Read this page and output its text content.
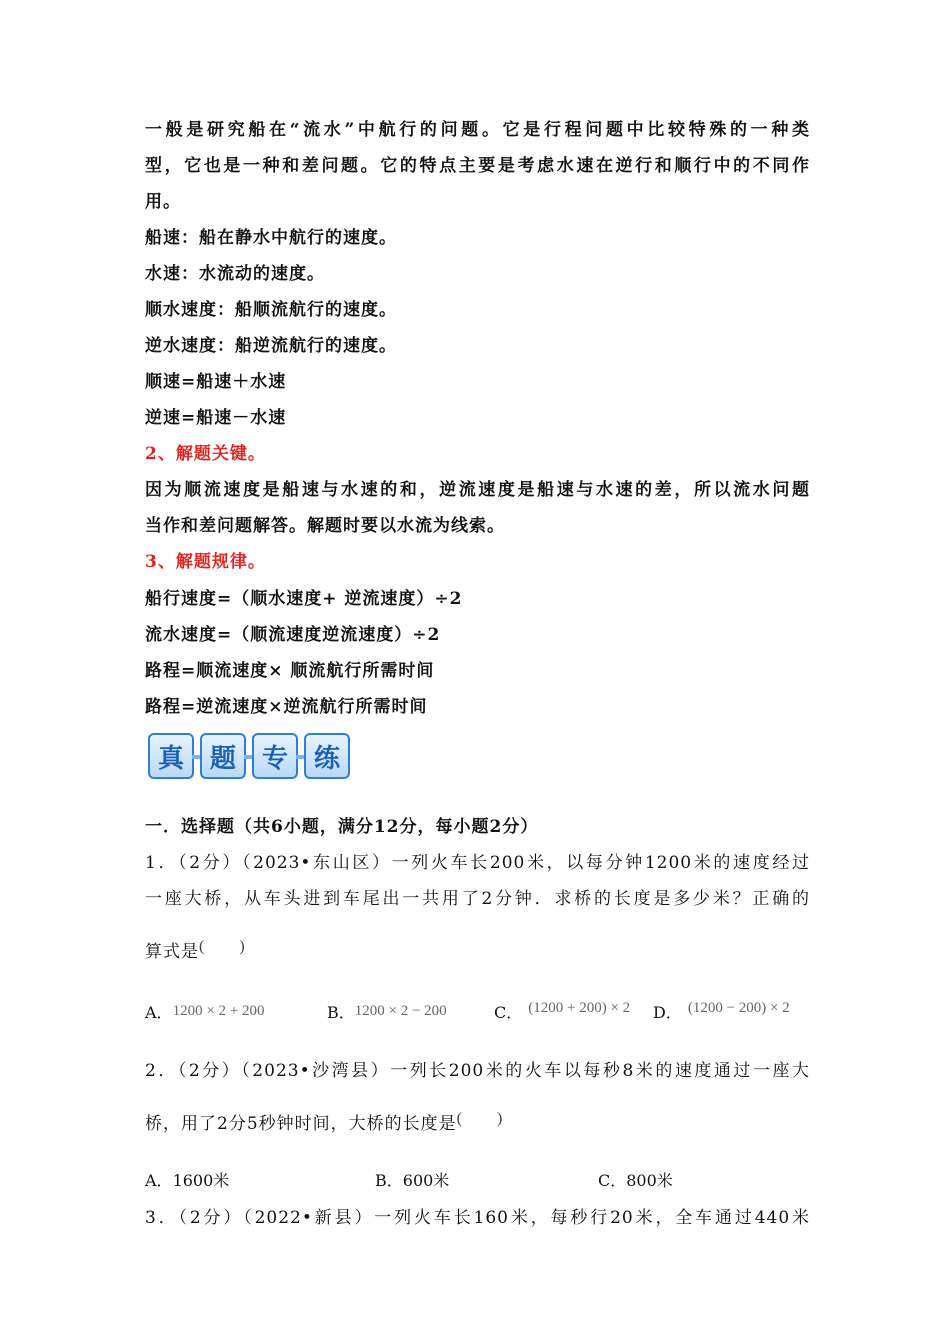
一般是研究船在“流水”中航行的问题。它是行程问题中比较特殊的一种类
型，它也是一种和差问题。它的特点主要是考虑水速在逆行和顺行中的不同作
用。
船速：船在静水中航行的速度。
水速：水流动的速度。
顺水速度：船顺流航行的速度。
逆水速度：船逆流航行的速度。
顺速=船速＋水速
逆速=船速－水速
2、解题关键。
因为顺流速度是船速与水速的和，逆流速度是船速与水速的差，所以流水问题
当作和差问题解答。解题时要以水流为线索。
3、解题规律。
船行速度=（顺水速度+ 逆流速度）÷2
流水速度=（顺流速度逆流速度）÷2
路程=顺流速度× 顺流航行所需时间
路程=逆流速度×逆流航行所需时间
真 题 专 练
一．选择题（共6小题，满分12分，每小题2分）
1．（2分）（2023•东山区）一列火车长200米，以每分钟1200米的速度经过
一座大桥，从车头进到车尾出一共用了2分钟．求桥的长度是多少米？正确的
算式是(　　)
A．1200 × 2 + 200	B．1200 × 2 − 200	C． (1200 + 200) × 2 D． (1200 − 200) × 2
2．（2分）（2023•沙湾县）一列长200米的火车以每秒8米的速度通过一座大
桥，用了2分5秒钟时间，大桥的长度是(　　)
A．1600米	B．600米	C．800米
3．（2分）（2022•新县）一列火车长160米，每秒行20米，全车通过440米
